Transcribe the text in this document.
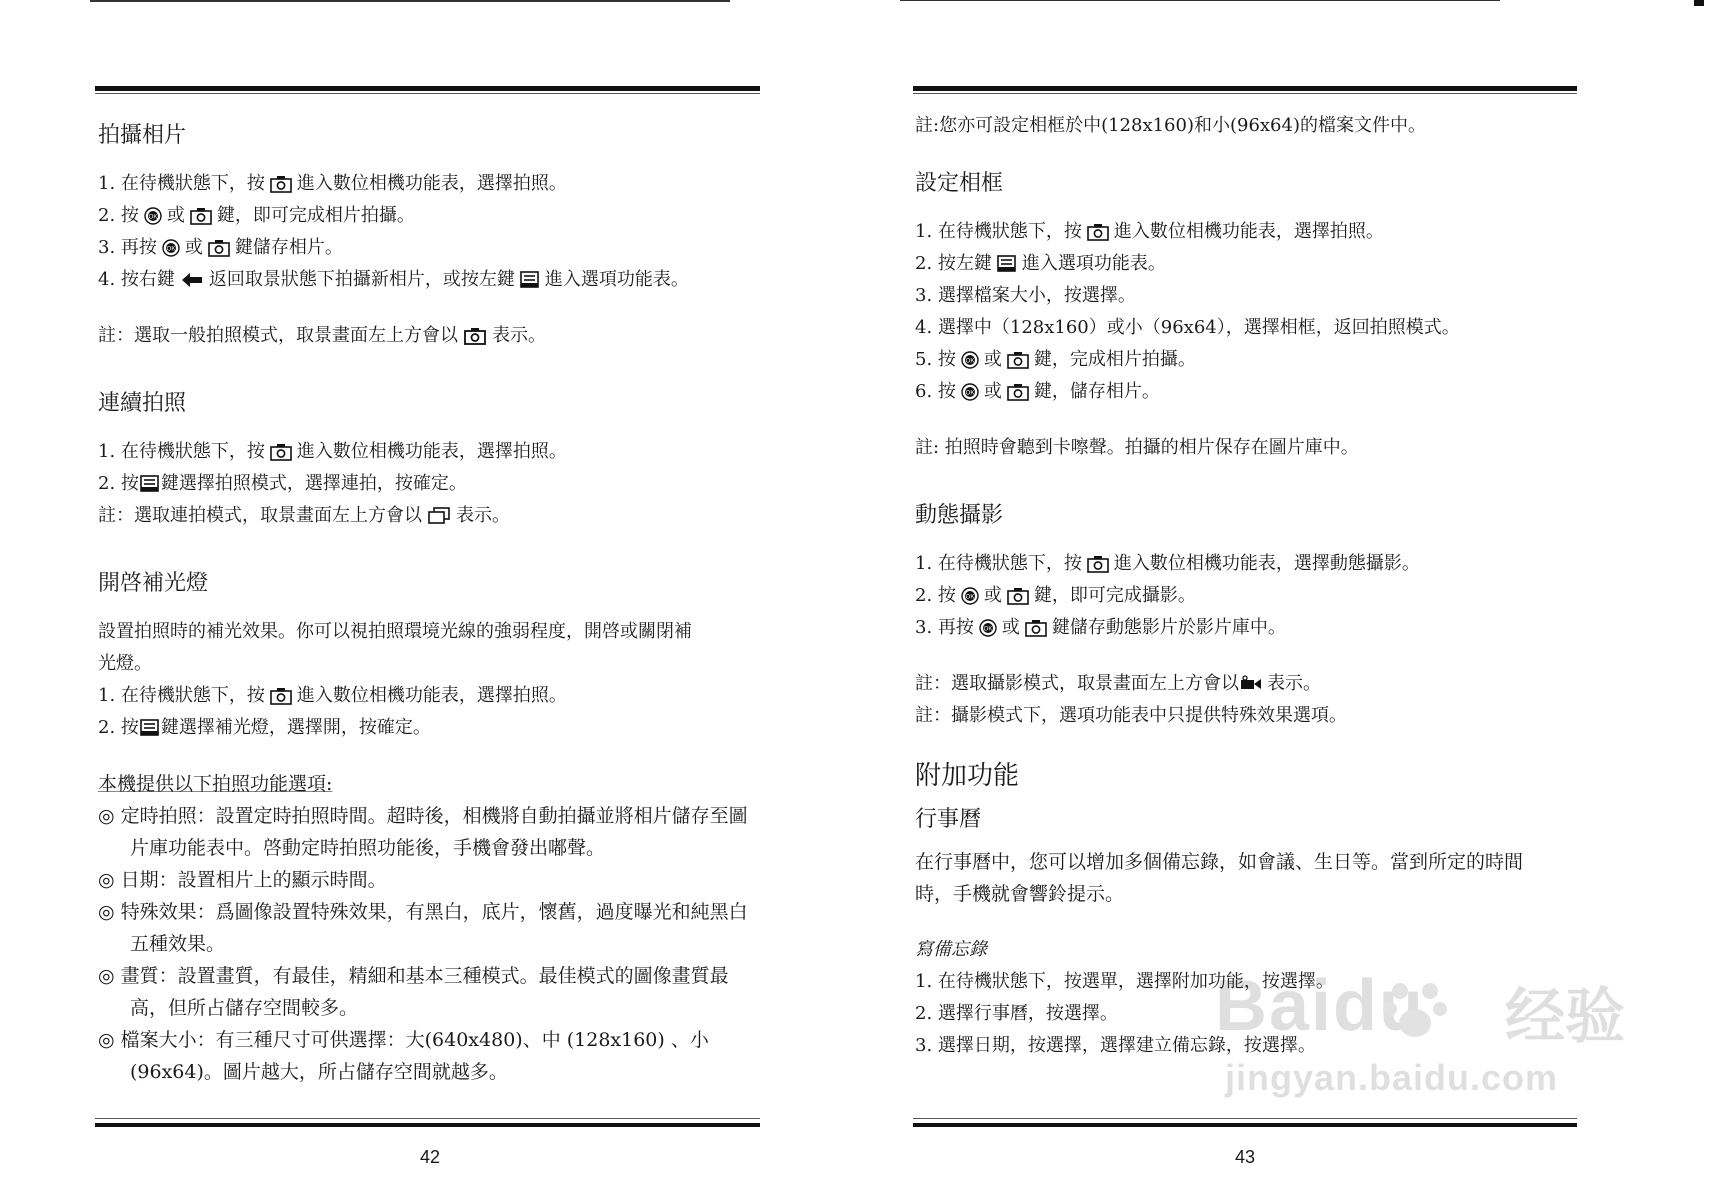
拍攝相片
1. 在待機狀態下，按 進入數位相機功能表，選擇拍照。
2. 按 OK 或 鍵，即可完成相片拍攝。
3. 再按 OK 或 鍵儲存相片。
4. 按右鍵 返回取景狀態下拍攝新相片，或按左鍵 進入選項功能表。
註：選取一般拍照模式，取景畫面左上方會以 表示。
連續拍照
1. 在待機狀態下，按 進入數位相機功能表，選擇拍照。
2. 按 鍵選擇拍照模式，選擇連拍，按確定。
註：選取連拍模式，取景畫面左上方會以 表示。
開啓補光燈
設置拍照時的補光效果。你可以視拍照環境光線的強弱程度，開啓或關閉補光燈。
1. 在待機狀態下，按 進入數位相機功能表，選擇拍照。
2. 按 鍵選擇補光燈，選擇開，按確定。
本機提供以下拍照功能選項:
◎ 定時拍照：設置定時拍照時間。超時後，相機將自動拍攝並將相片儲存至圖片庫功能表中。啓動定時拍照功能後，手機會發出嘟聲。
◎ 日期：設置相片上的顯示時間。
◎ 特殊效果：爲圖像設置特殊效果，有黑白，底片，懷舊，過度曝光和純黑白五種效果。
◎ 畫質：設置畫質，有最佳，精細和基本三種模式。最佳模式的圖像畫質最高，但所占儲存空間較多。
◎ 檔案大小：有三種尺寸可供選擇：大(640x480)、中 (128x160) 、小(96x64)。圖片越大，所占儲存空間就越多。
42
註:您亦可設定相框於中(128x160)和小(96x64)的檔案文件中。
設定相框
1. 在待機狀態下，按 進入數位相機功能表，選擇拍照。
2. 按左鍵 進入選項功能表。
3. 選擇檔案大小，按選擇。
4. 選擇中（128x160）或小（96x64），選擇相框，返回拍照模式。
5. 按 OK 或 鍵，完成相片拍攝。
6. 按 OK 或 鍵，儲存相片。
註: 拍照時會聽到卡嚓聲。拍攝的相片保存在圖片庫中。
動態攝影
1. 在待機狀態下，按 進入數位相機功能表，選擇動態攝影。
2. 按 OK 或 鍵，即可完成攝影。
3. 再按 OK 或 鍵儲存動態影片於影片庫中。
註：選取攝影模式，取景畫面左上方會以 表示。
註：攝影模式下，選項功能表中只提供特殊效果選項。
附加功能
行事曆
在行事曆中，您可以增加多個備忘錄，如會議、生日等。當到所定的時間時，手機就會響鈴提示。
寫備忘錄
1. 在待機狀態下，按選單，選擇附加功能，按選擇。
2. 選擇行事曆，按選擇。
3. 選擇日期，按選擇，選擇建立備忘錄，按選擇。
43
Baidu 经验
jingyan.baidu.com
